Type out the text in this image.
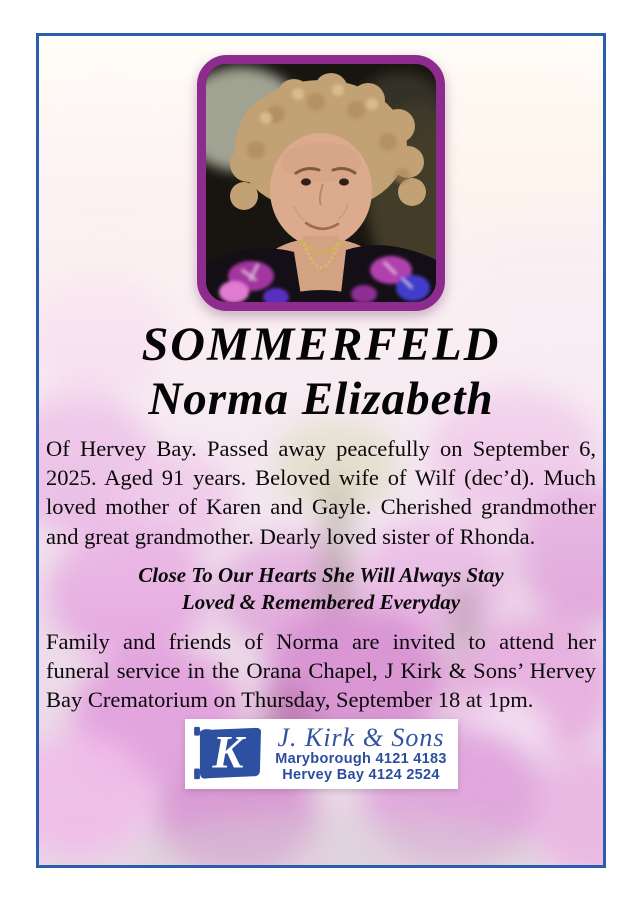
SOMMERFELD
Norma Elizabeth
Of Hervey Bay. Passed away peacefully on September 6, 2025. Aged 91 years. Beloved wife of Wilf (dec’d). Much loved mother of Karen and Gayle. Cherished grandmother and great grandmother. Dearly loved sister of Rhonda.
Close To Our Hearts She Will Always Stay
Loved & Remembered Everyday
Family and friends of Norma are invited to attend her funeral service in the Orana Chapel, J Kirk & Sons’ Hervey Bay Crematorium on Thursday, September 18 at 1pm.
K J. Kirk & Sons
Maryborough 4121 4183
Hervey Bay 4124 2524
